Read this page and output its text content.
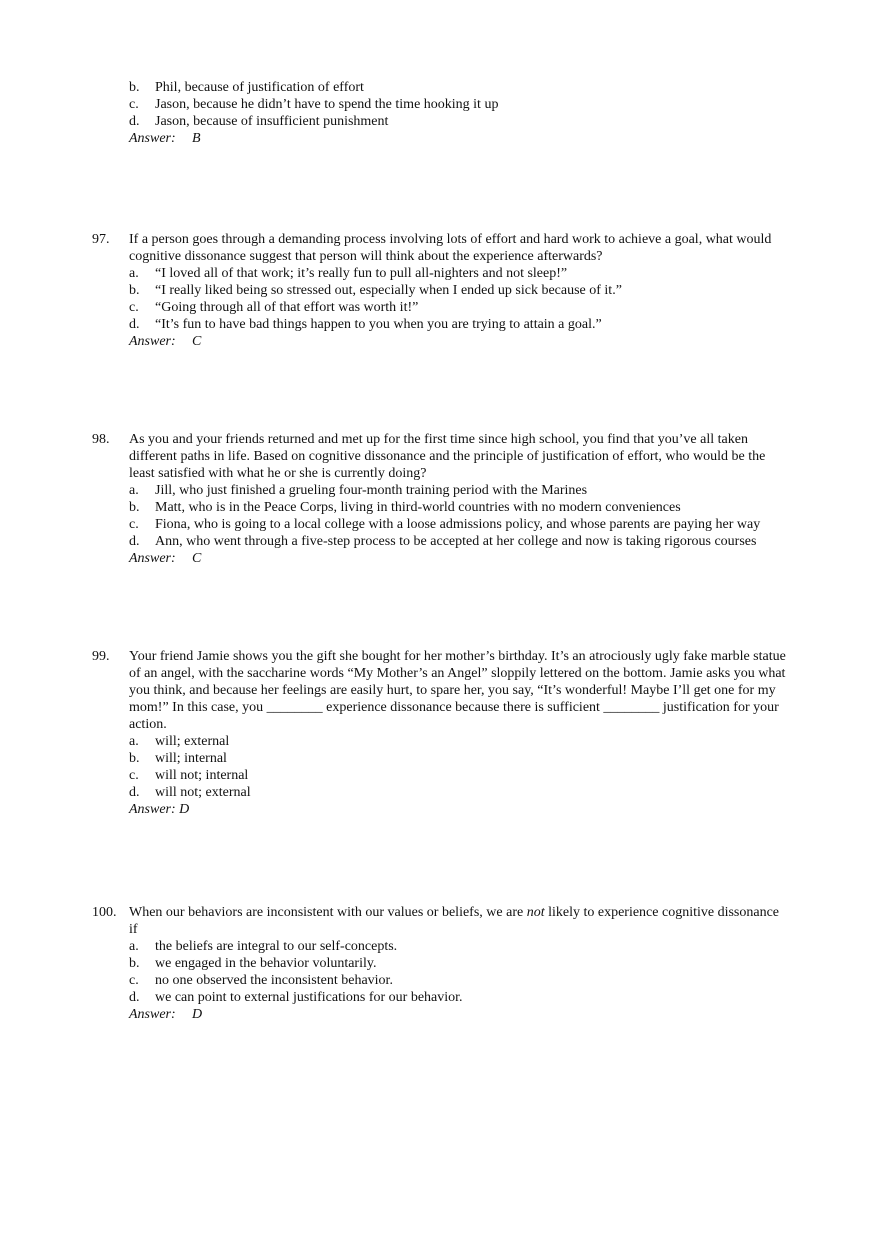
b. Phil, because of justification of effort
c. Jason, because he didn’t have to spend the time hooking it up
d. Jason, because of insufficient punishment
Answer: B
97. If a person goes through a demanding process involving lots of effort and hard work to achieve a goal, what would cognitive dissonance suggest that person will think about the experience afterwards?
a. “I loved all of that work; it’s really fun to pull all-nighters and not sleep!”
b. “I really liked being so stressed out, especially when I ended up sick because of it.”
c. “Going through all of that effort was worth it!”
d. “It’s fun to have bad things happen to you when you are trying to attain a goal.”
Answer: C
98. As you and your friends returned and met up for the first time since high school, you find that you’ve all taken different paths in life. Based on cognitive dissonance and the principle of justification of effort, who would be the least satisfied with what he or she is currently doing?
a. Jill, who just finished a grueling four-month training period with the Marines
b. Matt, who is in the Peace Corps, living in third-world countries with no modern conveniences
c. Fiona, who is going to a local college with a loose admissions policy, and whose parents are paying her way
d. Ann, who went through a five-step process to be accepted at her college and now is taking rigorous courses
Answer: C
99. Your friend Jamie shows you the gift she bought for her mother’s birthday. It’s an atrociously ugly fake marble statue of an angel, with the saccharine words “My Mother’s an Angel” sloppily lettered on the bottom. Jamie asks you what you think, and because her feelings are easily hurt, to spare her, you say, “It’s wonderful! Maybe I’ll get one for my mom!” In this case, you ________ experience dissonance because there is sufficient ________ justification for your action.
a. will; external
b. will; internal
c. will not; internal
d. will not; external
Answer: D
100. When our behaviors are inconsistent with our values or beliefs, we are not likely to experience cognitive dissonance if
a. the beliefs are integral to our self-concepts.
b. we engaged in the behavior voluntarily.
c. no one observed the inconsistent behavior.
d. we can point to external justifications for our behavior.
Answer: D
